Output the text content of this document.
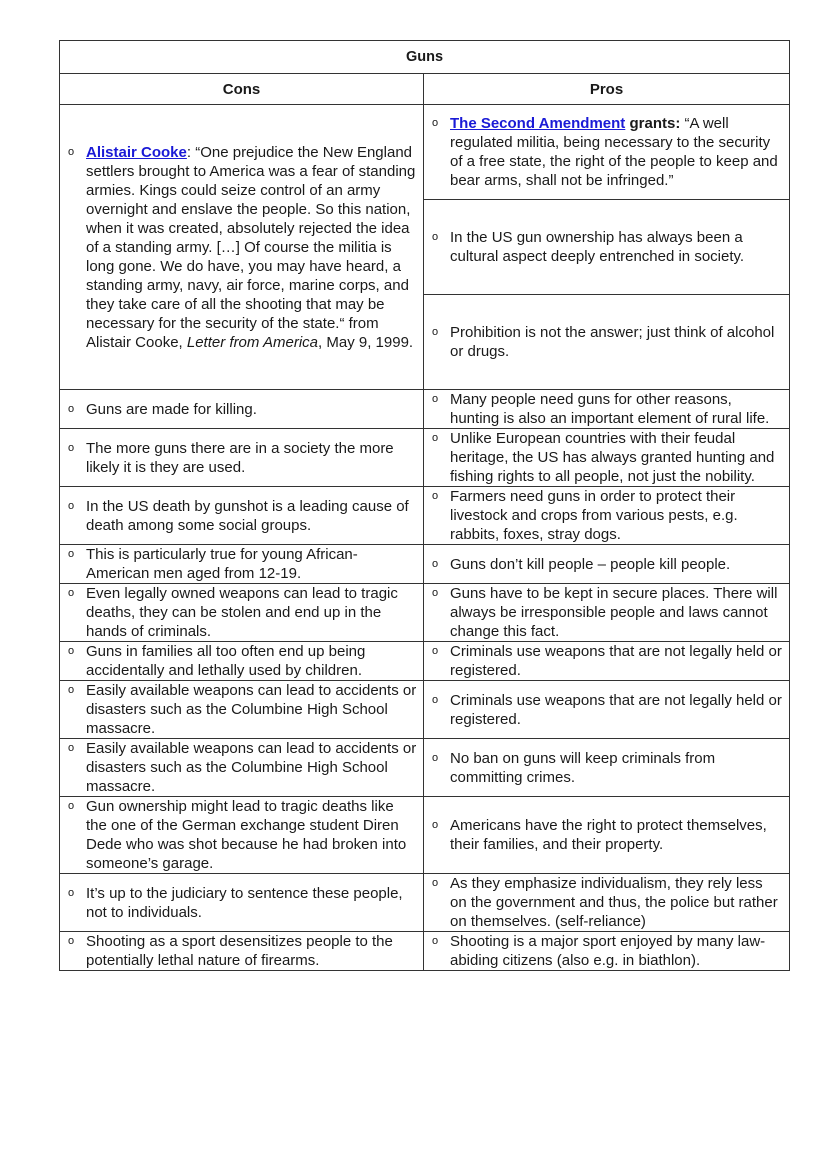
Guns	
Cons	Pros

o Alistair Cooke: “One prejudice the New England settlers brought to America was a fear of standing armies. Kings could seize control of an army overnight and enslave the people. So this nation, when it was created, absolutely rejected the idea of a standing army. […] Of course the militia is long gone. We do have, you may have heard, a standing army, navy, air force, marine corps, and they take care of all the shooting that may be necessary for the security of the state.“ from Alistair Cooke, Letter from America, May 9, 1999.	o The Second Amendment grants: “A well regulated militia, being necessary to the security of a free state, the right of the people to keep and bear arms, shall not be infringed.”

	o In the US gun ownership has always been a cultural aspect deeply entrenched in society.

	o Prohibition is not the answer; just think of alcohol or drugs.

o Guns are made for killing.	o Many people need guns for other reasons, hunting is also an important element of rural life.

o The more guns there are in a society the more likely it is they are used.	o Unlike European countries with their feudal heritage, the US has always granted hunting and fishing rights to all people, not just the nobility.

o In the US death by gunshot is a leading cause of death among some social groups.	o Farmers need guns in order to protect their livestock and crops from various pests, e.g. rabbits, foxes, stray dogs.

o This is particularly true for young African-American men aged from 12-19.	o Guns don’t kill people – people kill people.

o Even legally owned weapons can lead to tragic deaths, they can be stolen and end up in the hands of criminals.	o Guns have to be kept in secure places. There will always be irresponsible people and laws cannot change this fact.

o Guns in families all too often end up being accidentally and lethally used by children.	o Criminals use weapons that are not legally held or registered.

o Easily available weapons can lead to accidents or disasters such as the Columbine High School massacre.	o Criminals use weapons that are not legally held or registered.

o Easily available weapons can lead to accidents or disasters such as the Columbine High School massacre.	o No ban on guns will keep criminals from committing crimes.

o Gun ownership might lead to tragic deaths like the one of the German exchange student Diren Dede who was shot because he had broken into someone’s garage.	o Americans have the right to protect themselves, their families, and their property.

o It’s up to the judiciary to sentence these people, not to individuals.	o As they emphasize individualism, they rely less on the government and thus, the police but rather on themselves. (self-reliance)

o Shooting as a sport desensitizes people to the potentially lethal nature of firearms.	o Shooting is a major sport enjoyed by many law-abiding citizens (also e.g. in biathlon).
